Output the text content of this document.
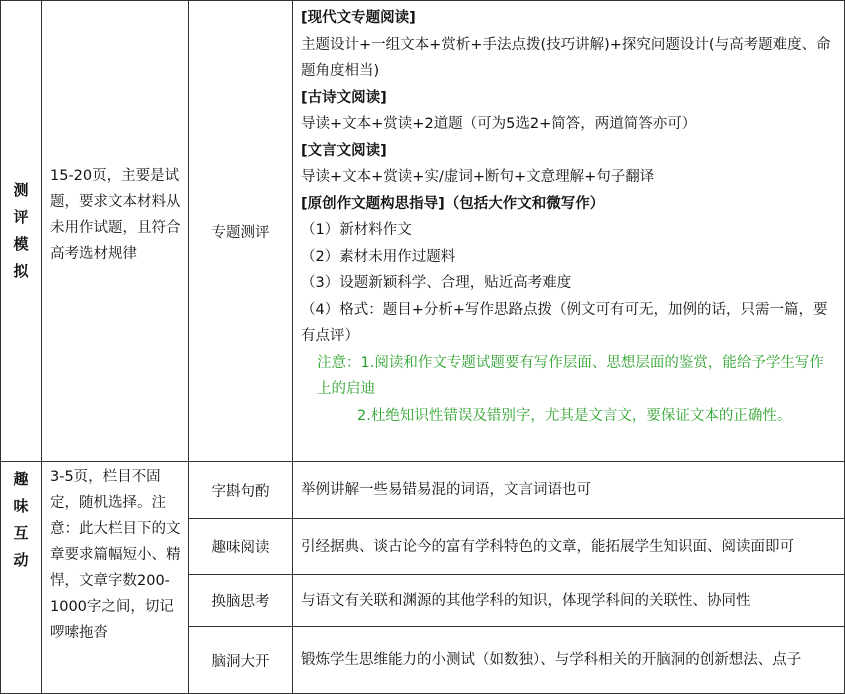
测
评
模
拟
15-20页，主要是试题，要求文本材料从未用作试题，且符合高考选材规律
专题测评
[现代文专题阅读]
主题设计+一组文本+赏析+手法点拨(技巧讲解)+探究问题设计(与高考题难度、命题角度相当)
[古诗文阅读]
导读+文本+赏读+2道题（可为5选2+简答，两道简答亦可）
[文言文阅读]
导读+文本+赏读+实/虚词+断句+文意理解+句子翻译
[原创作文题构思指导]（包括大作文和微写作）
（1）新材料作文
（2）素材未用作过题料
（3）设题新颖科学、合理，贴近高考难度
（4）格式：题目+分析+写作思路点拨（例文可有可无，加例的话，只需一篇，要有点评）
注意：1.阅读和作文专题试题要有写作层面、思想层面的鉴赏，能给予学生写作上的启迪
2.杜绝知识性错误及错别字，尤其是文言文，要保证文本的正确性。
趣
味
互
动
3-5页，栏目不固定，随机选择。注意：此大栏目下的文章要求篇幅短小、精悍，文章字数200-1000字之间，切记啰嗦拖沓
字斟句酌 举例讲解一些易错易混的词语，文言词语也可
趣味阅读 引经据典、谈古论今的富有学科特色的文章，能拓展学生知识面、阅读面即可
换脑思考 与语文有关联和渊源的其他学科的知识，体现学科间的关联性、协同性
脑洞大开 锻炼学生思维能力的小测试（如数独）、与学科相关的开脑洞的创新想法、点子
